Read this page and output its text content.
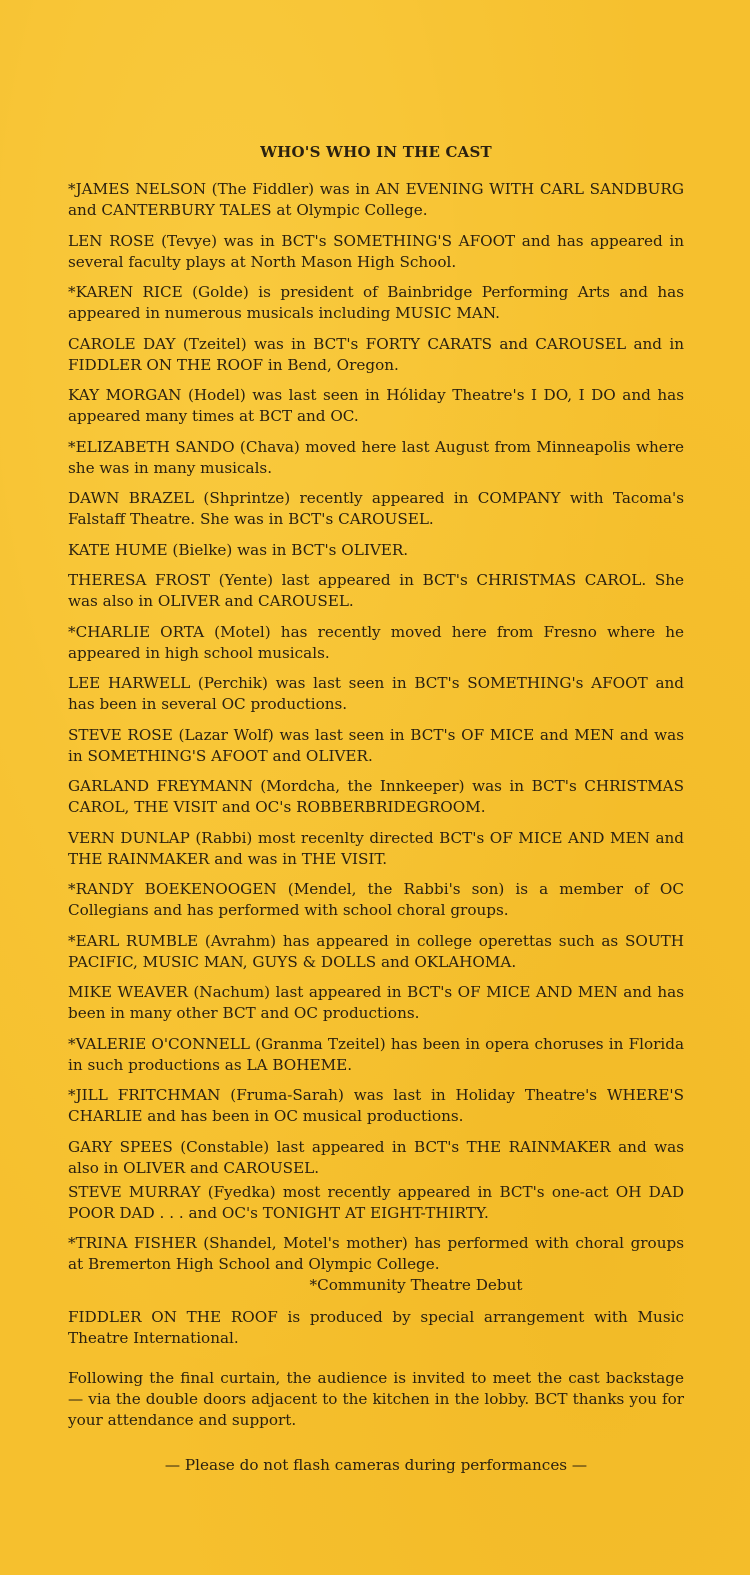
WHO'S WHO IN THE CAST

*JAMES NELSON (The Fiddler) was in AN EVENING WITH CARL SANDBURG and CANTERBURY TALES at Olympic College.

LEN ROSE (Tevye) was in BCT's SOMETHING'S AFOOT and has appeared in several faculty plays at North Mason High School.

*KAREN RICE (Golde) is president of Bainbridge Performing Arts and has appeared in numerous musicals including MUSIC MAN.

CAROLE DAY (Tzeitel) was in BCT's FORTY CARATS and CAROUSEL and in FIDDLER ON THE ROOF in Bend, Oregon.

KAY MORGAN (Hodel) was last seen in Hóliday Theatre's I DO, I DO and has appeared many times at BCT and OC.

*ELIZABETH SANDO (Chava) moved here last August from Minneapolis where she was in many musicals.

DAWN BRAZEL (Shprintze) recently appeared in COMPANY with Tacoma's Falstaff Theatre. She was in BCT's CAROUSEL.

KATE HUME (Bielke) was in BCT's OLIVER.

THERESA FROST (Yente) last appeared in BCT's CHRISTMAS CAROL. She was also in OLIVER and CAROUSEL.

*CHARLIE ORTA (Motel) has recently moved here from Fresno where he appeared in high school musicals.

LEE HARWELL (Perchik) was last seen in BCT's SOMETHING's AFOOT and has been in several OC productions.

STEVE ROSE (Lazar Wolf) was last seen in BCT's OF MICE and MEN and was in SOMETHING'S AFOOT and OLIVER.

GARLAND FREYMANN (Mordcha, the Innkeeper) was in BCT's CHRISTMAS CAROL, THE VISIT and OC's ROBBERBRIDEGROOM.

VERN DUNLAP (Rabbi) most recenlty directed BCT's OF MICE AND MEN and THE RAINMAKER and was in THE VISIT.

*RANDY BOEKENOOGEN (Mendel, the Rabbi's son) is a member of OC Collegians and has performed with school choral groups.

*EARL RUMBLE (Avrahm) has appeared in college operettas such as SOUTH PACIFIC, MUSIC MAN, GUYS & DOLLS and OKLAHOMA.

MIKE WEAVER (Nachum) last appeared in BCT's OF MICE AND MEN and has been in many other BCT and OC productions.

*VALERIE O'CONNELL (Granma Tzeitel) has been in opera choruses in Florida in such productions as LA BOHEME.

*JILL FRITCHMAN (Fruma-Sarah) was last in Holiday Theatre's WHERE'S CHARLIE and has been in OC musical productions.

GARY SPEES (Constable) last appeared in BCT's THE RAINMAKER and was also in OLIVER and CAROUSEL.

STEVE MURRAY (Fyedka) most recently appeared in BCT's one-act OH DAD POOR DAD . . . and OC's TONIGHT AT EIGHT-THIRTY.

*TRINA FISHER (Shandel, Motel's mother) has performed with choral groups at Bremerton High School and Olympic College.

*Community Theatre Debut

FIDDLER ON THE ROOF is produced by special arrangement with Music Theatre International.

Following the final curtain, the audience is invited to meet the cast backstage — via the double doors adjacent to the kitchen in the lobby. BCT thanks you for your attendance and support.

— Please do not flash cameras during performances —
